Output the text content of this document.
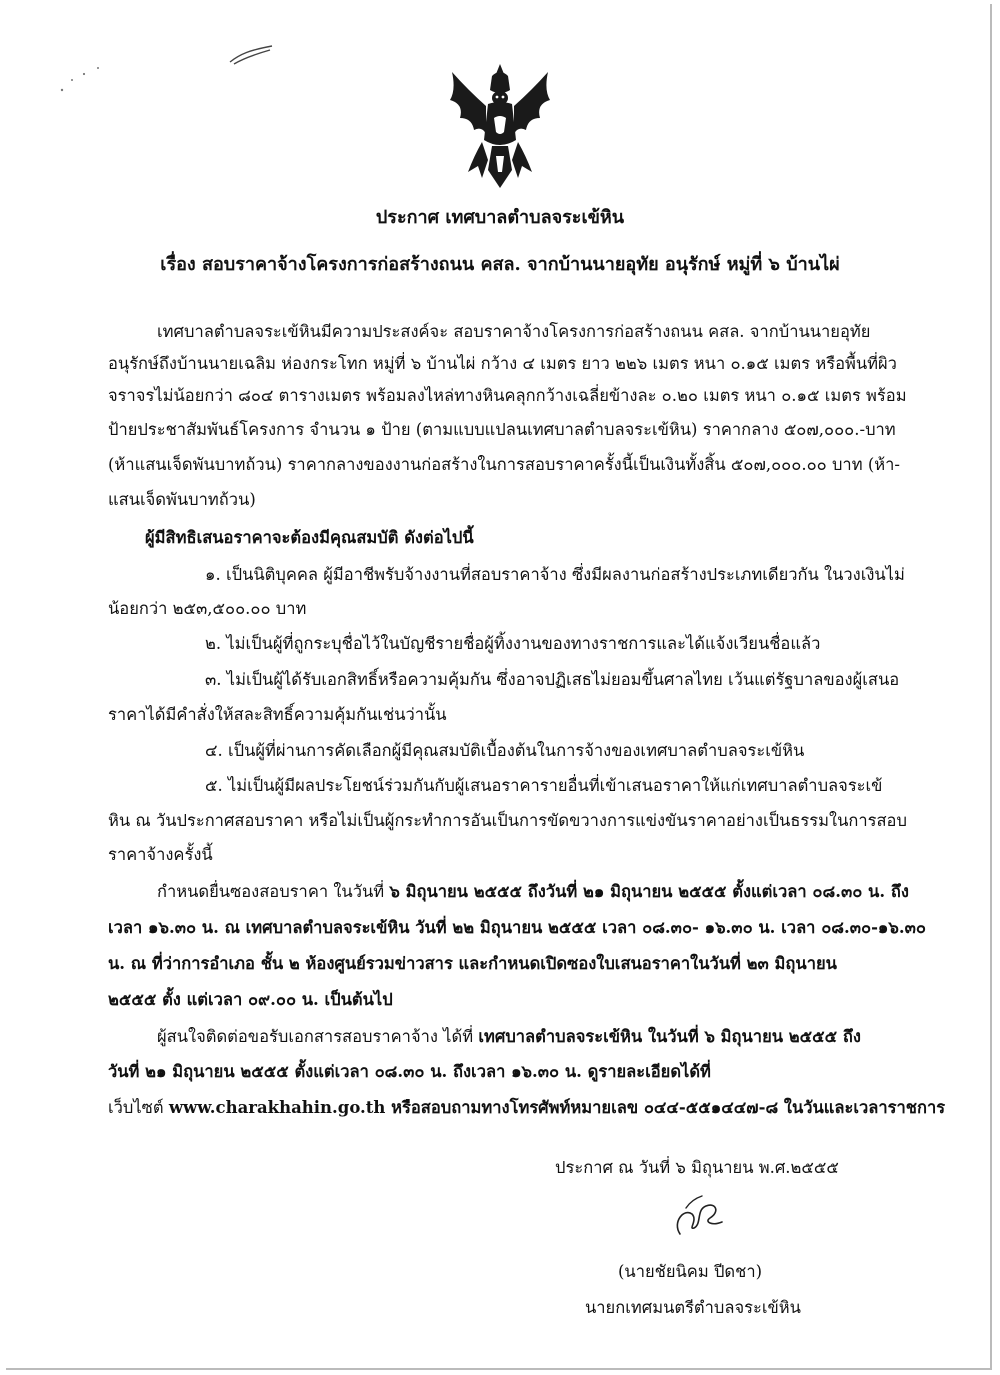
ประกาศ เทศบาลตำบลจระเข้หิน
เรื่อง สอบราคาจ้างโครงการก่อสร้างถนน คสล. จากบ้านนายอุทัย อนุรักษ์ หมู่ที่ ๖ บ้านไผ่
เทศบาลตำบลจระเข้หินมีความประสงค์จะ สอบราคาจ้างโครงการก่อสร้างถนน คสล. จากบ้านนายอุทัย
อนุรักษ์ถึงบ้านนายเฉลิม ห่องกระโทก หมู่ที่ ๖ บ้านไผ่ กว้าง ๔ เมตร ยาว ๒๒๖ เมตร หนา ๐.๑๕ เมตร หรือพื้นที่ผิว
จราจรไม่น้อยกว่า ๘๐๔ ตารางเมตร พร้อมลงไหล่ทางหินคลุกกว้างเฉลี่ยข้างละ ๐.๒๐ เมตร หนา ๐.๑๕ เมตร พร้อม
ป้ายประชาสัมพันธ์โครงการ จำนวน ๑ ป้าย (ตามแบบแปลนเทศบาลตำบลจระเข้หิน) ราคากลาง ๕๐๗,๐๐๐.-บาท
(ห้าแสนเจ็ดพันบาทถ้วน) ราคากลางของงานก่อสร้างในการสอบราคาครั้งนี้เป็นเงินทั้งสิ้น ๕๐๗,๐๐๐.๐๐ บาท (ห้า-
แสนเจ็ดพันบาทถ้วน)
ผู้มีสิทธิเสนอราคาจะต้องมีคุณสมบัติ ดังต่อไปนี้
๑. เป็นนิติบุคคล ผู้มีอาชีพรับจ้างงานที่สอบราคาจ้าง ซึ่งมีผลงานก่อสร้างประเภทเดียวกัน ในวงเงินไม่
น้อยกว่า ๒๕๓,๕๐๐.๐๐ บาท
๒. ไม่เป็นผู้ที่ถูกระบุชื่อไว้ในบัญชีรายชื่อผู้ทิ้งงานของทางราชการและได้แจ้งเวียนชื่อแล้ว
๓. ไม่เป็นผู้ได้รับเอกสิทธิ์หรือความคุ้มกัน ซึ่งอาจปฏิเสธไม่ยอมขึ้นศาลไทย เว้นแต่รัฐบาลของผู้เสนอ
ราคาได้มีคำสั่งให้สละสิทธิ์ความคุ้มกันเช่นว่านั้น
๔. เป็นผู้ที่ผ่านการคัดเลือกผู้มีคุณสมบัติเบื้องต้นในการจ้างของเทศบาลตำบลจระเข้หิน
๕. ไม่เป็นผู้มีผลประโยชน์ร่วมกันกับผู้เสนอราคารายอื่นที่เข้าเสนอราคาให้แก่เทศบาลตำบลจระเข้
หิน ณ วันประกาศสอบราคา หรือไม่เป็นผู้กระทำการอันเป็นการขัดขวางการแข่งขันราคาอย่างเป็นธรรมในการสอบ
ราคาจ้างครั้งนี้
กำหนดยื่นซองสอบราคา ในวันที่ ๖ มิถุนายน ๒๕๕๕ ถึงวันที่ ๒๑ มิถุนายน ๒๕๕๕ ตั้งแต่เวลา ๐๘.๓๐ น. ถึง
เวลา ๑๖.๓๐ น. ณ เทศบาลตำบลจระเข้หิน วันที่ ๒๒ มิถุนายน ๒๕๕๕ เวลา ๐๘.๓๐- ๑๖.๓๐ น. เวลา ๐๘.๓๐-๑๖.๓๐
น. ณ ที่ว่าการอำเภอ ชั้น ๒ ห้องศูนย์รวมข่าวสาร และกำหนดเปิดซองใบเสนอราคาในวันที่ ๒๓ มิถุนายน
๒๕๕๕ ตั้ง แต่เวลา ๐๙.๐๐ น. เป็นต้นไป
ผู้สนใจติดต่อขอรับเอกสารสอบราคาจ้าง ได้ที่ เทศบาลตำบลจระเข้หิน ในวันที่ ๖ มิถุนายน ๒๕๕๕ ถึง
วันที่ ๒๑ มิถุนายน ๒๕๕๕ ตั้งแต่เวลา ๐๘.๓๐ น. ถึงเวลา ๑๖.๓๐ น. ดูรายละเอียดได้ที่
เว็บไซต์ www.charakhahin.go.th หรือสอบถามทางโทรศัพท์หมายเลข ๐๔๔-๕๕๑๔๔๗-๘ ในวันและเวลาราชการ
ประกาศ ณ วันที่ ๖ มิถุนายน พ.ศ.๒๕๕๕
(นายชัยนิคม ปีดชา)
นายกเทศมนตรีตำบลจระเข้หิน
